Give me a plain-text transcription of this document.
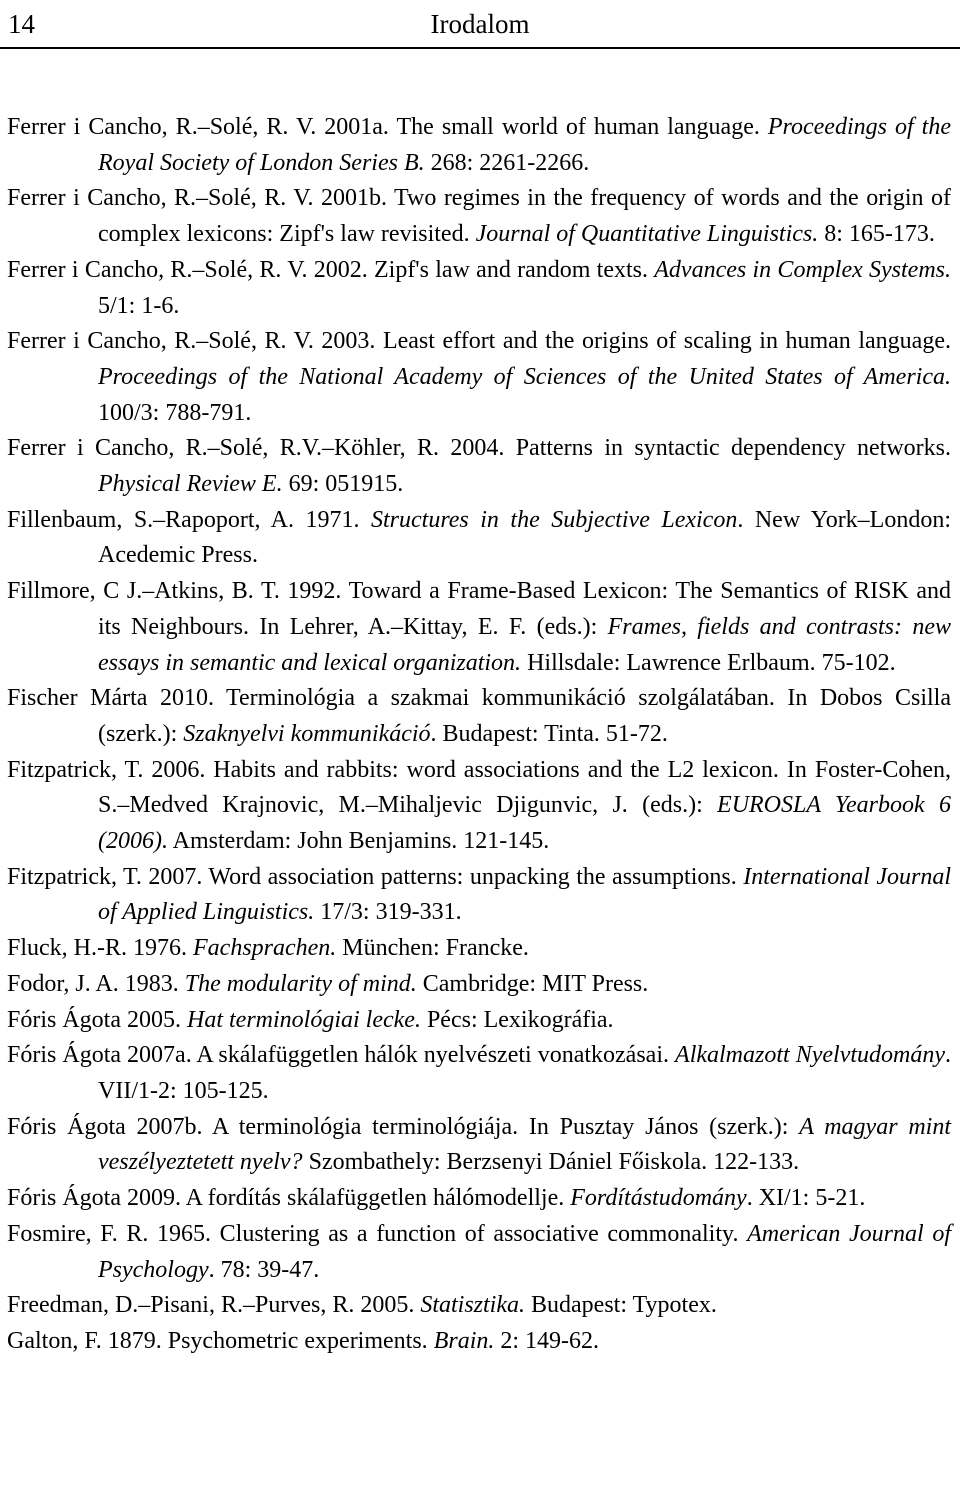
14	Irodalom
Ferrer i Cancho, R.–Solé, R. V. 2001a. The small world of human language. Proceedings of the Royal Society of London Series B. 268: 2261-2266.
Ferrer i Cancho, R.–Solé, R. V. 2001b. Two regimes in the frequency of words and the origin of complex lexicons: Zipf's law revisited. Journal of Quantitative Linguistics. 8: 165-173.
Ferrer i Cancho, R.–Solé, R. V. 2002. Zipf's law and random texts. Advances in Complex Systems. 5/1: 1-6.
Ferrer i Cancho, R.–Solé, R. V. 2003. Least effort and the origins of scaling in human language. Proceedings of the National Academy of Sciences of the United States of America. 100/3: 788-791.
Ferrer i Cancho, R.–Solé, R.V.–Köhler, R. 2004. Patterns in syntactic dependency networks. Physical Review E. 69: 051915.
Fillenbaum, S.–Rapoport, A. 1971. Structures in the Subjective Lexicon. New York–London: Acedemic Press.
Fillmore, C J.–Atkins, B. T. 1992. Toward a Frame-Based Lexicon: The Semantics of RISK and its Neighbours. In Lehrer, A.–Kittay, E. F. (eds.): Frames, fields and contrasts: new essays in semantic and lexical organization. Hillsdale: Lawrence Erlbaum. 75-102.
Fischer Márta 2010. Terminológia a szakmai kommunikáció szolgálatában. In Dobos Csilla (szerk.): Szaknyelvi kommunikáció. Budapest: Tinta. 51-72.
Fitzpatrick, T. 2006. Habits and rabbits: word associations and the L2 lexicon. In Foster-Cohen, S.–Medved Krajnovic, M.–Mihaljevic Djigunvic, J. (eds.): EUROSLA Yearbook 6 (2006). Amsterdam: John Benjamins. 121-145.
Fitzpatrick, T. 2007. Word association patterns: unpacking the assumptions. International Journal of Applied Linguistics. 17/3: 319-331.
Fluck, H.-R. 1976. Fachsprachen. München: Francke.
Fodor, J. A. 1983. The modularity of mind. Cambridge: MIT Press.
Fóris Ágota 2005. Hat terminológiai lecke. Pécs: Lexikográfia.
Fóris Ágota 2007a. A skálafüggetlen hálók nyelvészeti vonatkozásai. Alkalmazott Nyelvtudomány. VII/1-2: 105-125.
Fóris Ágota 2007b. A terminológia terminológiája. In Pusztay János (szerk.): A magyar mint veszélyeztetett nyelv? Szombathely: Berzsenyi Dániel Főiskola. 122-133.
Fóris Ágota 2009. A fordítás skálafüggetlen hálómodellje. Fordítástudomány. XI/1: 5-21.
Fosmire, F. R. 1965. Clustering as a function of associative commonality. American Journal of Psychology. 78: 39-47.
Freedman, D.–Pisani, R.–Purves, R. 2005. Statisztika. Budapest: Typotex.
Galton, F. 1879. Psychometric experiments. Brain. 2: 149-62.
